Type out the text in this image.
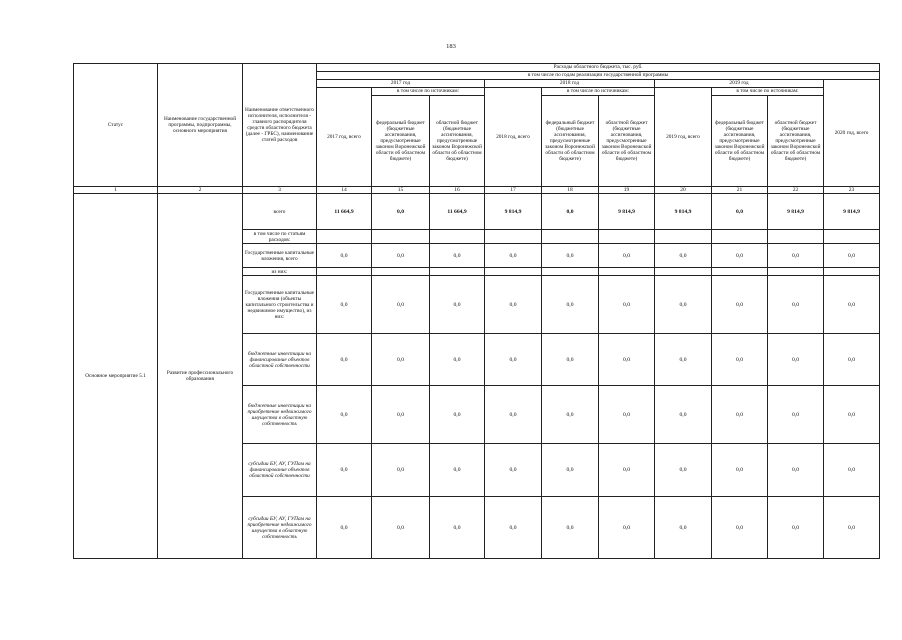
183
Статус	Наименование государственной программы, подпрограммы, основного мероприятия	Наименование ответственного исполнителя, исполнителя - главного распорядителя средств областного бюджета (далее - ГРБС), наименование статей расходов	Расходы областного бюджета, тыс. руб.									
			в том числе по годам реализации государственной программы									
			2017 год			2018 год			2019 год			2020 год, всего
			2017 год, всего	в том числе по источникам:		2018 год, всего	в том числе по источникам:		2019 год, всего	в том числе по источникам:		
				федеральный бюджет (бюджетные ассигнования, предусмотренные законом Воронежской области об областном бюджете)	областной бюджет (бюджетные ассигнования, предусмотренные законом Воронежской области об областном бюджете)		федеральный бюджет (бюджетные ассигнования, предусмотренные законом Воронежской области об областном бюджете)	областной бюджет (бюджетные ассигнования, предусмотренные законом Воронежской области об областном бюджете)		федеральный бюджет (бюджетные ассигнования, предусмотренные законом Воронежской области об областном бюджете)	областной бюджет (бюджетные ассигнования, предусмотренные законом Воронежской области об областном бюджете)	
1	2	3	14	15	16	17	18	19	20	21	22	23
Основное мероприятие 5.1	Развитие профессионального образования	всего	11 664,9	0,0	11 664,9	9 814,9	0,0	9 814,9	9 814,9	0,0	9 814,9	9 814,9
		в том числе по статьям расходов:										
		Государственные капитальные вложения, всего	0,0	0,0	0,0	0,0	0,0	0,0	0,0	0,0	0,0	0,0
		из них:										
		Государственные капитальные вложения (объекты капитального строительства и недвижимое имущество), из них:	0,0	0,0	0,0	0,0	0,0	0,0	0,0	0,0	0,0	0,0
		бюджетные инвестиции на финансирование объектов областной собственности	0,0	0,0	0,0	0,0	0,0	0,0	0,0	0,0	0,0	0,0
		бюджетные инвестиции на приобретение недвижимого имущества в областную собственность	0,0	0,0	0,0	0,0	0,0	0,0	0,0	0,0	0,0	0,0
		субсидии БУ, АУ, ГУПам на финансирование объектов областной собственности	0,0	0,0	0,0	0,0	0,0	0,0	0,0	0,0	0,0	0,0
		субсидии БУ, АУ, ГУПам на приобретение недвижимого имущества в областную собственность	0,0	0,0	0,0	0,0	0,0	0,0	0,0	0,0	0,0	0,0
